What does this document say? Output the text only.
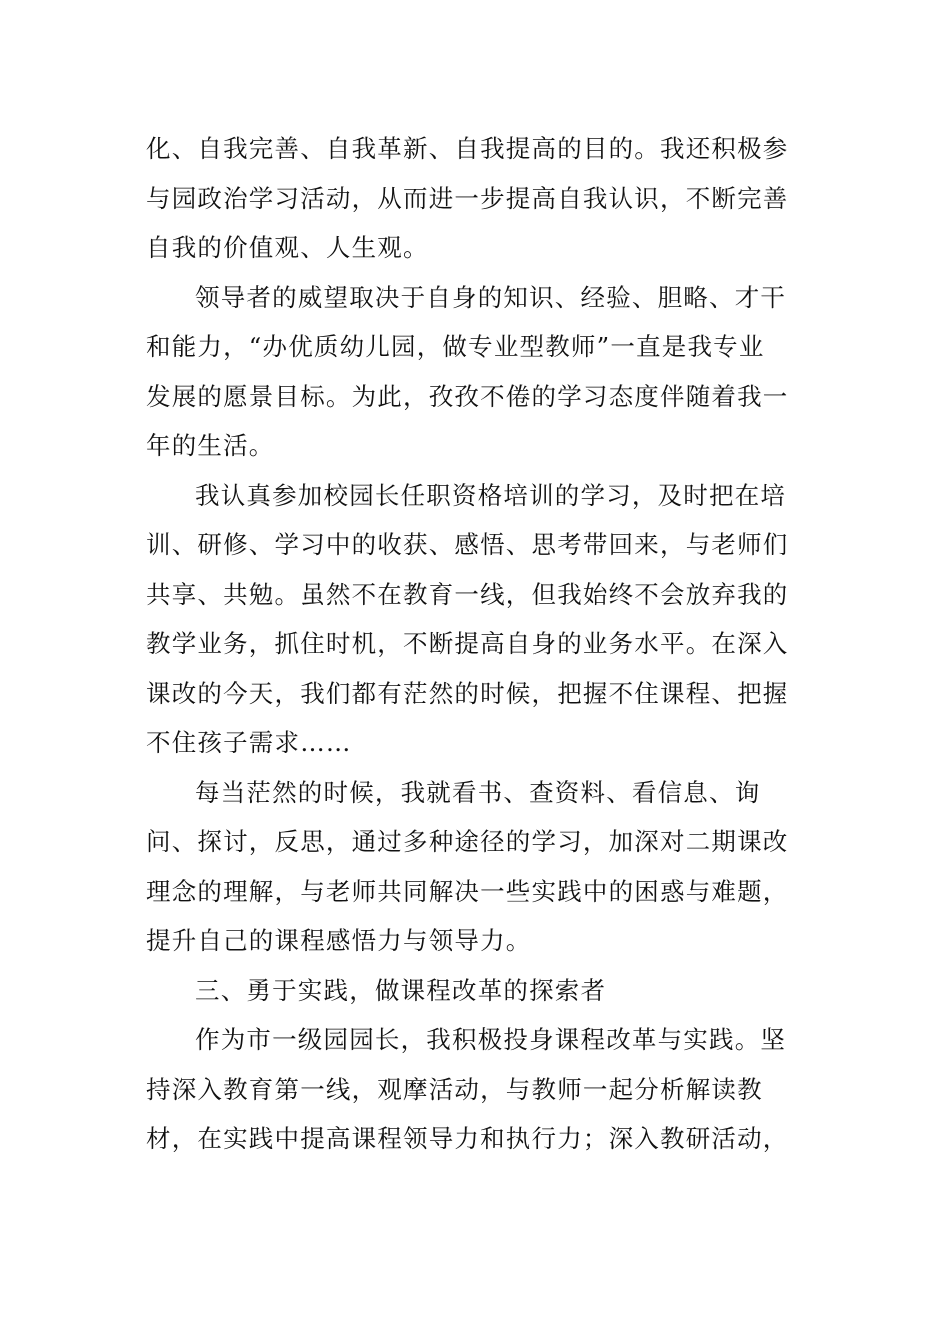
化、自我完善、自我革新、自我提高的目的。我还积极参
与园政治学习活动，从而进一步提高自我认识，不断完善
自我的价值观、人生观。
领导者的威望取决于自身的知识、经验、胆略、才干
和能力，“办优质幼儿园，做专业型教师”一直是我专业
发展的愿景目标。为此，孜孜不倦的学习态度伴随着我一
年的生活。
我认真参加校园长任职资格培训的学习，及时把在培
训、研修、学习中的收获、感悟、思考带回来，与老师们
共享、共勉。虽然不在教育一线，但我始终不会放弃我的
教学业务，抓住时机，不断提高自身的业务水平。在深入
课改的今天，我们都有茫然的时候，把握不住课程、把握
不住孩子需求……
每当茫然的时候，我就看书、查资料、看信息、询
问、探讨，反思，通过多种途径的学习，加深对二期课改
理念的理解，与老师共同解决一些实践中的困惑与难题，
提升自己的课程感悟力与领导力。
三、勇于实践，做课程改革的探索者
作为市一级园园长，我积极投身课程改革与实践。坚
持深入教育第一线，观摩活动，与教师一起分析解读教
材，在实践中提高课程领导力和执行力；深入教研活动，
